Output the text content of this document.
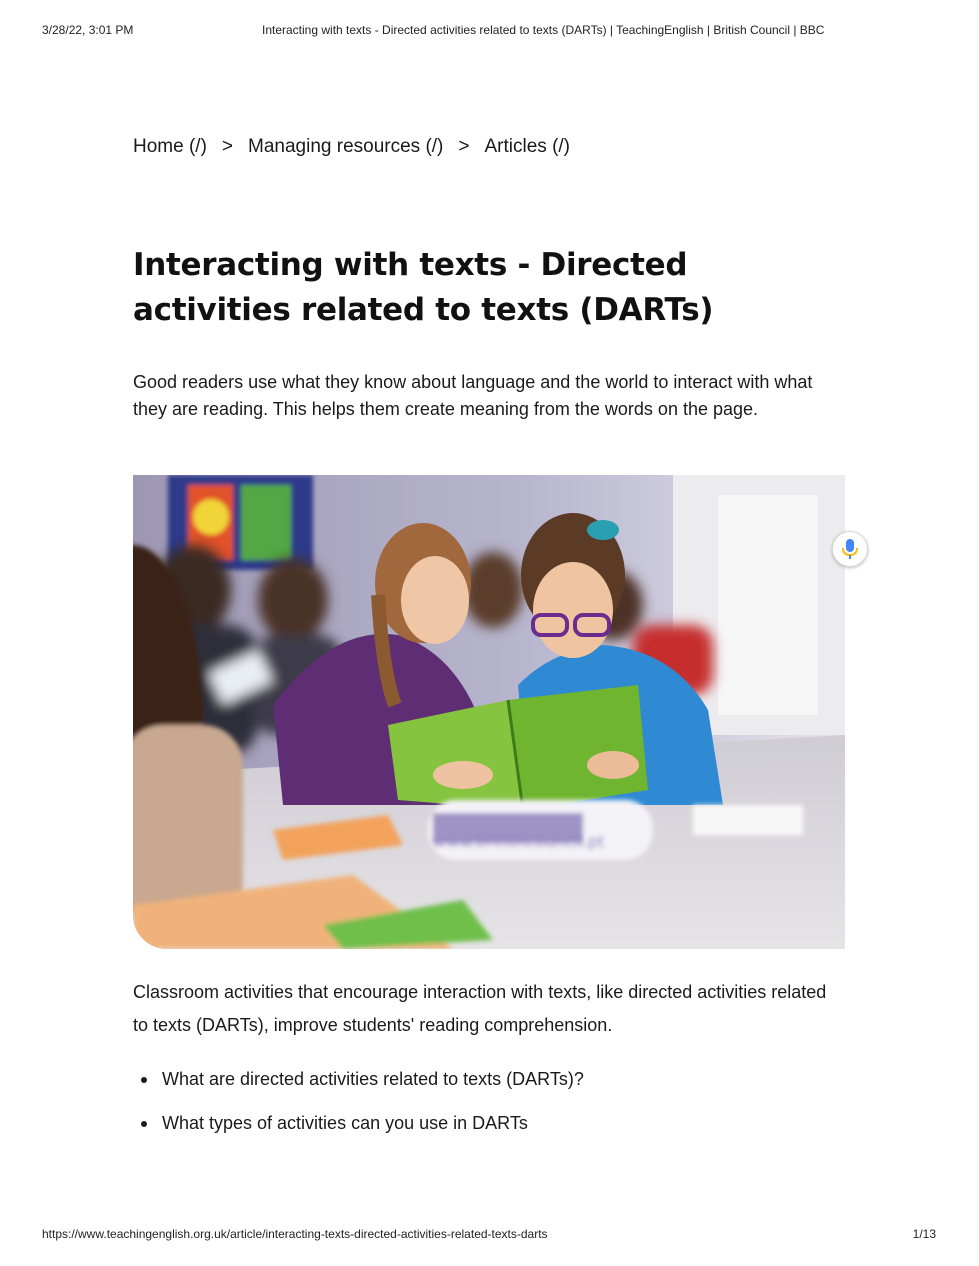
3/28/22, 3:01 PM	Interacting with texts - Directed activities related to texts (DARTs) | TeachingEnglish | British Council | BBC
Home (/) > Managing resources (/) > Articles (/)
Interacting with texts - Directed activities related to texts (DARTs)

Good readers use what they know about language and the world to interact with what they are reading. This helps them create meaning from the words on the page.

www.britishcouncil.pt

Classroom activities that encourage interaction with texts, like directed activities related to texts (DARTs), improve students' reading comprehension.

What are directed activities related to texts (DARTs)?
What types of activities can you use in DARTs
https://www.teachingenglish.org.uk/article/interacting-texts-directed-activities-related-texts-darts	1/13
